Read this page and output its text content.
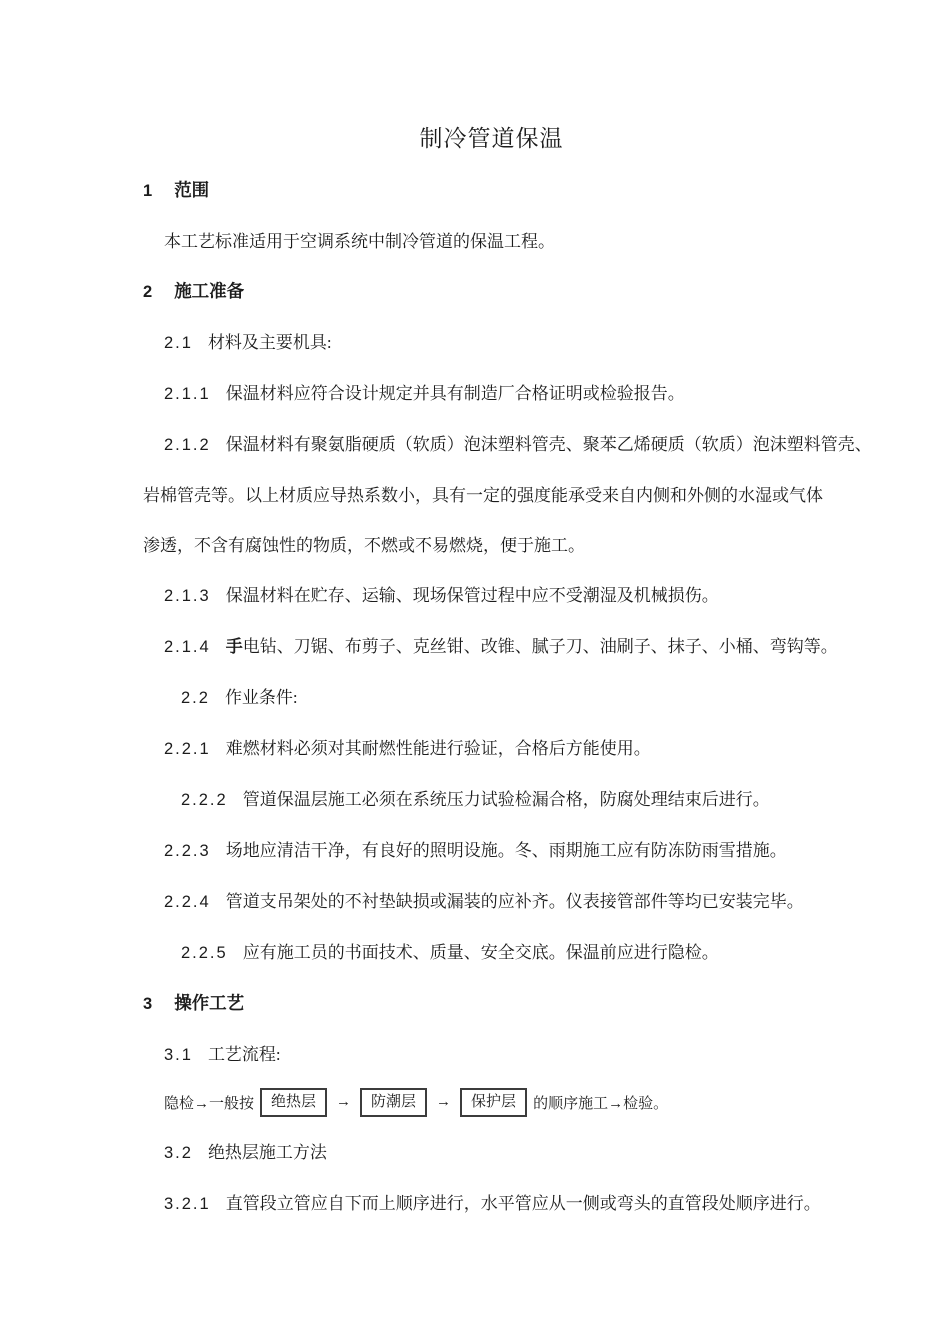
制冷管道保温
1 范围
本工艺标准适用于空调系统中制冷管道的保温工程。
2 施工准备
2.1 材料及主要机具:
2.1.1 保温材料应符合设计规定并具有制造厂合格证明或检验报告。
2.1.2 保温材料有聚氨脂硬质（软质）泡沫塑料管壳、聚苯乙烯硬质（软质）泡沫塑料管壳、
岩棉管壳等。以上材质应导热系数小，具有一定的强度能承受来自内侧和外侧的水湿或气体
渗透，不含有腐蚀性的物质，不燃或不易燃烧，便于施工。
2.1.3 保温材料在贮存、运输、现场保管过程中应不受潮湿及机械损伤。
2.1.4 手电钻、刀锯、布剪子、克丝钳、改锥、腻子刀、油刷子、抹子、小桶、弯钩等。
2.2 作业条件:
2.2.1 难燃材料必须对其耐燃性能进行验证，合格后方能使用。
2.2.2 管道保温层施工必须在系统压力试验检漏合格，防腐处理结束后进行。
2.2.3 场地应清洁干净，有良好的照明设施。冬、雨期施工应有防冻防雨雪措施。
2.2.4 管道支吊架处的不衬垫缺损或漏装的应补齐。仪表接管部件等均已安装完毕。
2.2.5 应有施工员的书面技术、质量、安全交底。保温前应进行隐检。
3 操作工艺
3.1 工艺流程:
隐检→一般按	绝热层	→	防潮层	→	保护层	的顺序施工→检验。
3.2 绝热层施工方法
3.2.1 直管段立管应自下而上顺序进行，水平管应从一侧或弯头的直管段处顺序进行。
